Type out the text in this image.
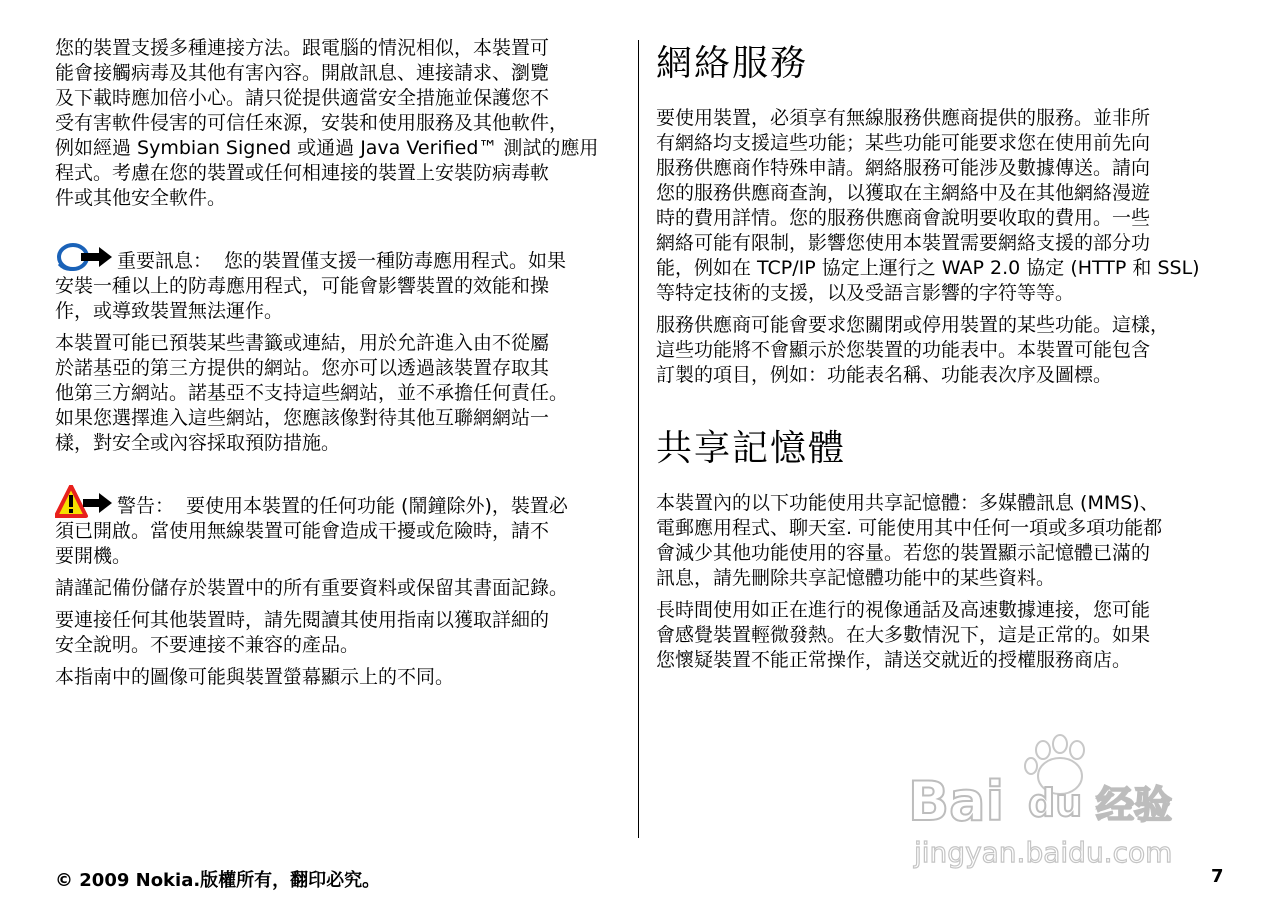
您的裝置支援多種連接方法。跟電腦的情況相似，本裝置可
能會接觸病毒及其他有害內容。開啟訊息、連接請求、瀏覽
及下載時應加倍小心。請只從提供適當安全措施並保護您不
受有害軟件侵害的可信任來源，安裝和使用服務及其他軟件，
例如經過 Symbian Signed 或通過 Java Verified™ 測試的應用
程式。考慮在您的裝置或任何相連接的裝置上安裝防病毒軟
件或其他安全軟件。

重要訊息： 您的裝置僅支援一種防毒應用程式。如果

安裝一種以上的防毒應用程式，可能會影響裝置的效能和操
作，或導致裝置無法運作。

本裝置可能已預裝某些書籤或連結，用於允許進入由不從屬
於諾基亞的第三方提供的網站。您亦可以透過該裝置存取其
他第三方網站。諾基亞不支持這些網站，並不承擔任何責任。
如果您選擇進入這些網站，您應該像對待其他互聯網網站一
樣，對安全或內容採取預防措施。

警告： 要使用本裝置的任何功能 (鬧鐘除外)，裝置必

須已開啟。當使用無線裝置可能會造成干擾或危險時，請不
要開機。

請謹記備份儲存於裝置中的所有重要資料或保留其書面記錄。

要連接任何其他裝置時，請先閱讀其使用指南以獲取詳細的
安全說明。不要連接不兼容的產品。

本指南中的圖像可能與裝置螢幕顯示上的不同。

網絡服務

要使用裝置，必須享有無線服務供應商提供的服務。並非所
有網絡均支援這些功能；某些功能可能要求您在使用前先向
服務供應商作特殊申請。網絡服務可能涉及數據傳送。請向
您的服務供應商查詢，以獲取在主網絡中及在其他網絡漫遊
時的費用詳情。您的服務供應商會說明要收取的費用。一些
網絡可能有限制，影響您使用本裝置需要網絡支援的部分功
能，例如在 TCP/IP 協定上運行之 WAP 2.0 協定 (HTTP 和 SSL)
等特定技術的支援，以及受語言影響的字符等等。

服務供應商可能會要求您關閉或停用裝置的某些功能。這樣，
這些功能將不會顯示於您裝置的功能表中。本裝置可能包含
訂製的項目，例如：功能表名稱、功能表次序及圖標。

共享記憶體

本裝置內的以下功能使用共享記憶體：多媒體訊息 (MMS)、
電郵應用程式、聊天室. 可能使用其中任何一項或多項功能都
會減少其他功能使用的容量。若您的裝置顯示記憶體已滿的
訊息，請先刪除共享記憶體功能中的某些資料。

長時間使用如正在進行的視像通話及高速數據連接，您可能
會感覺裝置輕微發熱。在大多數情況下，這是正常的。如果
您懷疑裝置不能正常操作，請送交就近的授權服務商店。

Bai du 经验
jingyan.baidu.com
© 2009 Nokia.版權所有，翻印必究。	7
